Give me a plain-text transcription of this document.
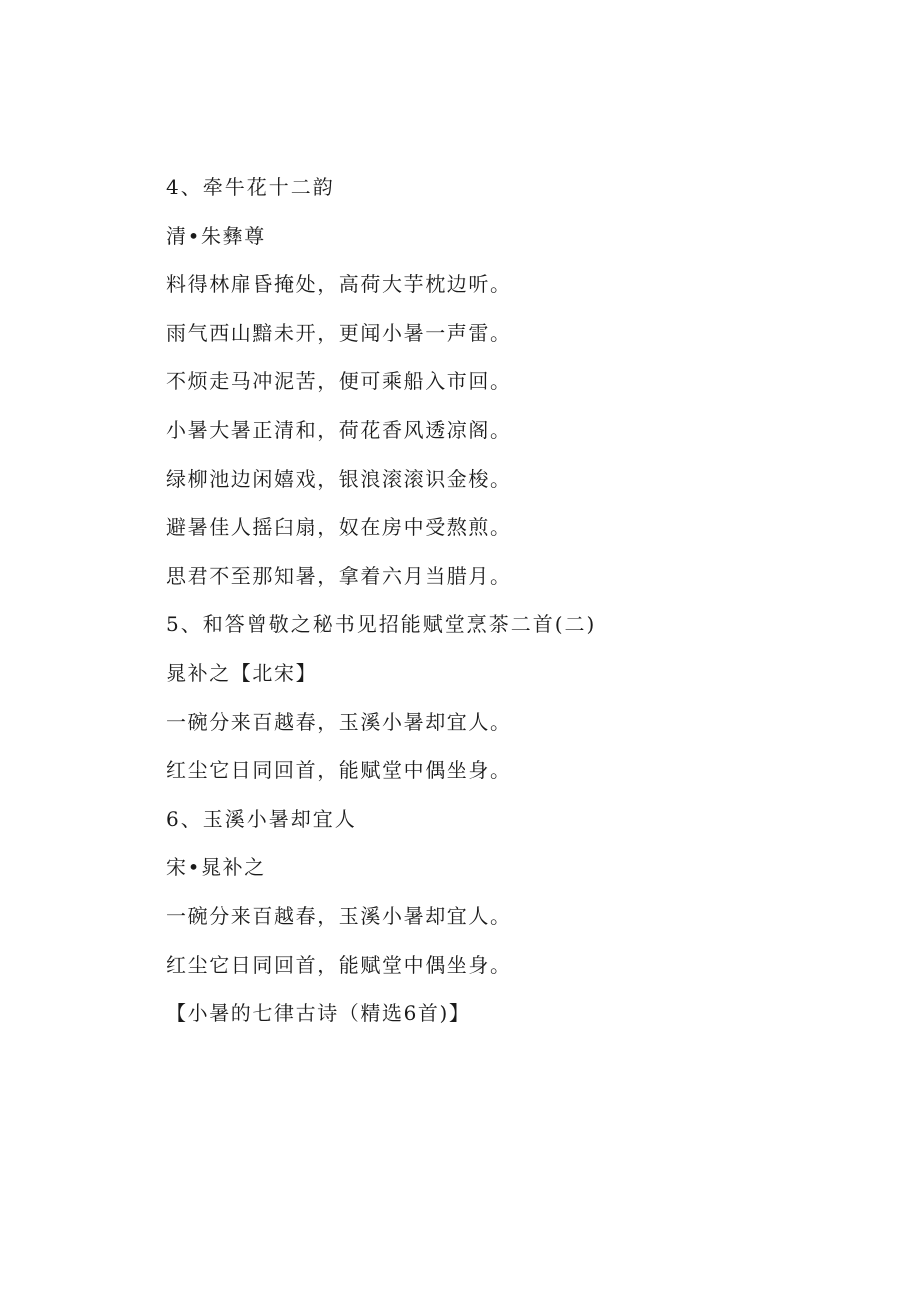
4、牵牛花十二韵
清•朱彝尊
料得林扉昏掩处，高荷大芋枕边听。
雨气西山黯未开，更闻小暑一声雷。
不烦走马冲泥苦，便可乘船入市回。
小暑大暑正清和，荷花香风透凉阁。
绿柳池边闲嬉戏，银浪滚滚识金梭。
避暑佳人摇臼扇，奴在房中受熬煎。
思君不至那知暑，拿着六月当腊月。
5、和答曾敬之秘书见招能赋堂烹茶二首(二)
晁补之【北宋】
一碗分来百越春，玉溪小暑却宜人。
红尘它日同回首，能赋堂中偶坐身。
6、玉溪小暑却宜人
宋•晁补之
一碗分来百越春，玉溪小暑却宜人。
红尘它日同回首，能赋堂中偶坐身。
【小暑的七律古诗（精选6首)】
